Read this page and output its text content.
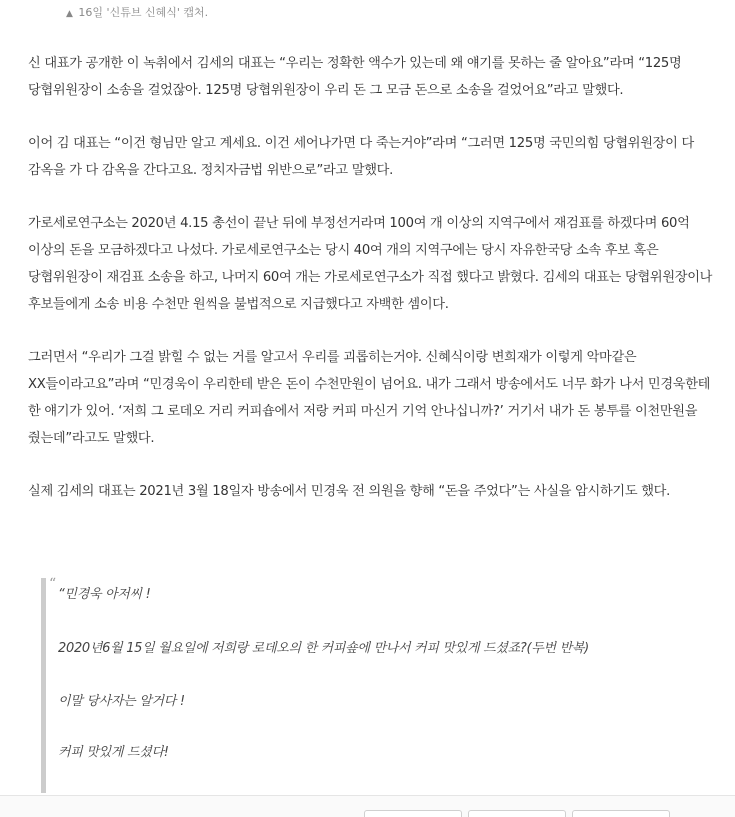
▲ 16일 '신튜브 신혜식' 캡처.

신 대표가 공개한 이 녹취에서 김세의 대표는 “우리는 정확한 액수가 있는데 왜 얘기를 못하는 줄 알아요”라며 “125명 당협위원장이 소송을 걸었잖아. 125명 당협위원장이 우리 돈 그 모금 돈으로 소송을 걸었어요”라고 말했다.

이어 김 대표는 “이건 형님만 알고 계세요. 이건 세어나가면 다 죽는거야”라며 “그러면 125명 국민의힘 당협위원장이 다 감옥을 가 다 감옥을 간다고요. 정치자금법 위반으로”라고 말했다.

가로세로연구소는 2020년 4.15 총선이 끝난 뒤에 부정선거라며 100여 개 이상의 지역구에서 재검표를 하겠다며 60억 이상의 돈을 모금하겠다고 나섰다. 가로세로연구소는 당시 40여 개의 지역구에는 당시 자유한국당 소속 후보 혹은 당협위원장이 재검표 소송을 하고, 나머지 60여 개는 가로세로연구소가 직접 했다고 밝혔다. 김세의 대표는 당협위원장이나 후보들에게 소송 비용 수천만 원씩을 불법적으로 지급했다고 자백한 셈이다.

그러면서 “우리가 그걸 밝힐 수 없는 거를 알고서 우리를 괴롭히는거야. 신혜식이랑 변희재가 이렇게 악마같은 XX들이라고요”라며 “민경욱이 우리한테 받은 돈이 수천만원이 넘어요. 내가 그래서 방송에서도 너무 화가 나서 민경욱한테 한 얘기가 있어. ‘저희 그 로데오 거리 커피숍에서 저랑 커피 마신거 기억 안나십니까?’ 거기서 내가 돈 봉투를 이천만원을 줬는데”라고도 말했다.

실제 김세의 대표는 2021년 3월 18일자 방송에서 민경욱 전 의원을 향해 “돈을 주었다”는 사실을 암시하기도 했다.

“
“민경욱 아저씨 !
2020년6월 15일 월요일에 저희랑 로데오의 한 커피숖에 만나서 커피 맛있게 드셨죠?(두번 반복)
이말 당사자는 알거다 !
커피 맛있게 드셨다!
